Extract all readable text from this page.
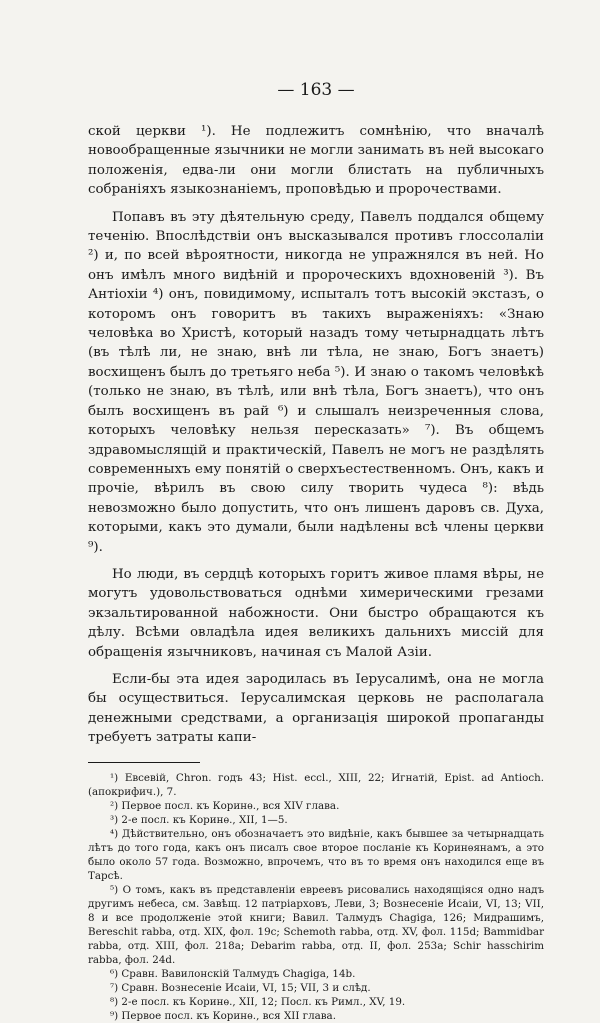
— 163 —

ской церкви ¹). Не подлежитъ сомнѣнію, что вначалѣ новообращенные язычники не могли занимать въ ней высокаго положенія, едва-ли они могли блистать на публичныхъ собраніяхъ языкознаніемъ, проповѣдью и пророчествами.

Попавъ въ эту дѣятельную среду, Павелъ поддался общему теченію. Впослѣдствіи онъ высказывался противъ глоссолаліи ²) и, по всей вѣроятности, никогда не упражнялся въ ней. Но онъ имѣлъ много видѣній и пророческихъ вдохновеній ³). Въ Антіохіи ⁴) онъ, повидимому, испыталъ тотъ высокій экстазъ, о которомъ онъ говоритъ въ такихъ выраженіяхъ: «Знаю человѣка во Христѣ, который назадъ тому четырнадцать лѣтъ (въ тѣлѣ ли, не знаю, внѣ ли тѣла, не знаю, Богъ знаетъ) восхищенъ былъ до третьяго неба ⁵). И знаю о такомъ человѣкѣ (только не знаю, въ тѣлѣ, или внѣ тѣла, Богъ знаетъ), что онъ былъ восхищенъ въ рай ⁶) и слышалъ неизреченныя слова, которыхъ человѣку нельзя пересказать» ⁷). Въ общемъ здравомыслящій и практическій, Павелъ не могъ не раздѣлять современныхъ ему понятій о сверхъестественномъ. Онъ, какъ и прочіе, вѣрилъ въ свою силу творить чудеса ⁸): вѣдь невозможно было допустить, что онъ лишенъ даровъ св. Духа, которыми, какъ это думали, были надѣлены всѣ члены церкви ⁹).

Но люди, въ сердцѣ которыхъ горитъ живое пламя вѣры, не могутъ удовольствоваться однѣми химерическими грезами экзальтированной набожности. Они быстро обращаются къ дѣлу. Всѣми овладѣла идея великихъ дальнихъ миссій для обращенія язычниковъ, начиная съ Малой Азіи.

Если-бы эта идея зародилась въ Іерусалимѣ, она не могла бы осуществиться. Іерусалимская церковь не располагала денежными средствами, а организація широкой пропаганды требуетъ затраты капи-

¹) Евсевій, Chron. годъ 43; Hist. eccl., XIII, 22; Игнатій, Epist. ad Antioch. (апокрифич.), 7.

²) Первое посл. къ Коринѳ., вся XIV глава.

³) 2-е посл. къ Коринѳ., XII, 1—5.

⁴) Дѣйствительно, онъ обозначаетъ это видѣніе, какъ бывшее за четырнадцать лѣтъ до того года, какъ онъ писалъ свое второе посланіе къ Коринѳянамъ, а это было около 57 года. Возможно, впрочемъ, что въ то время онъ находился еще въ Тарсѣ.

⁵) О томъ, какъ въ представленіи евреевъ рисовались находящіяся одно надъ другимъ небеса, см. Завѣщ. 12 патріарховъ, Леви, 3; Вознесеніе Исаіи, VI, 13; VII, 8 и все продолженіе этой книги; Вавил. Талмудъ Chagiga, 126; Мидрашимъ, Bereschit rabba, отд. XIX, фол. 19c; Schemoth rabba, отд. XV, фол. 115d; Bammidbar rabba, отд. XIII, фол. 218a; Debarim rabba, отд. II, фол. 253a; Schir hasschirim rabba, фол. 24d.

⁶) Сравн. Вавилонскій Талмудъ Chagiga, 14b.

⁷) Сравн. Вознесеніе Исаіи, VI, 15; VII, 3 и слѣд.

⁸) 2-е посл. къ Коринѳ., XII, 12; Посл. къ Римл., XV, 19.

⁹) Первое посл. къ Коринѳ., вся XII глава.
